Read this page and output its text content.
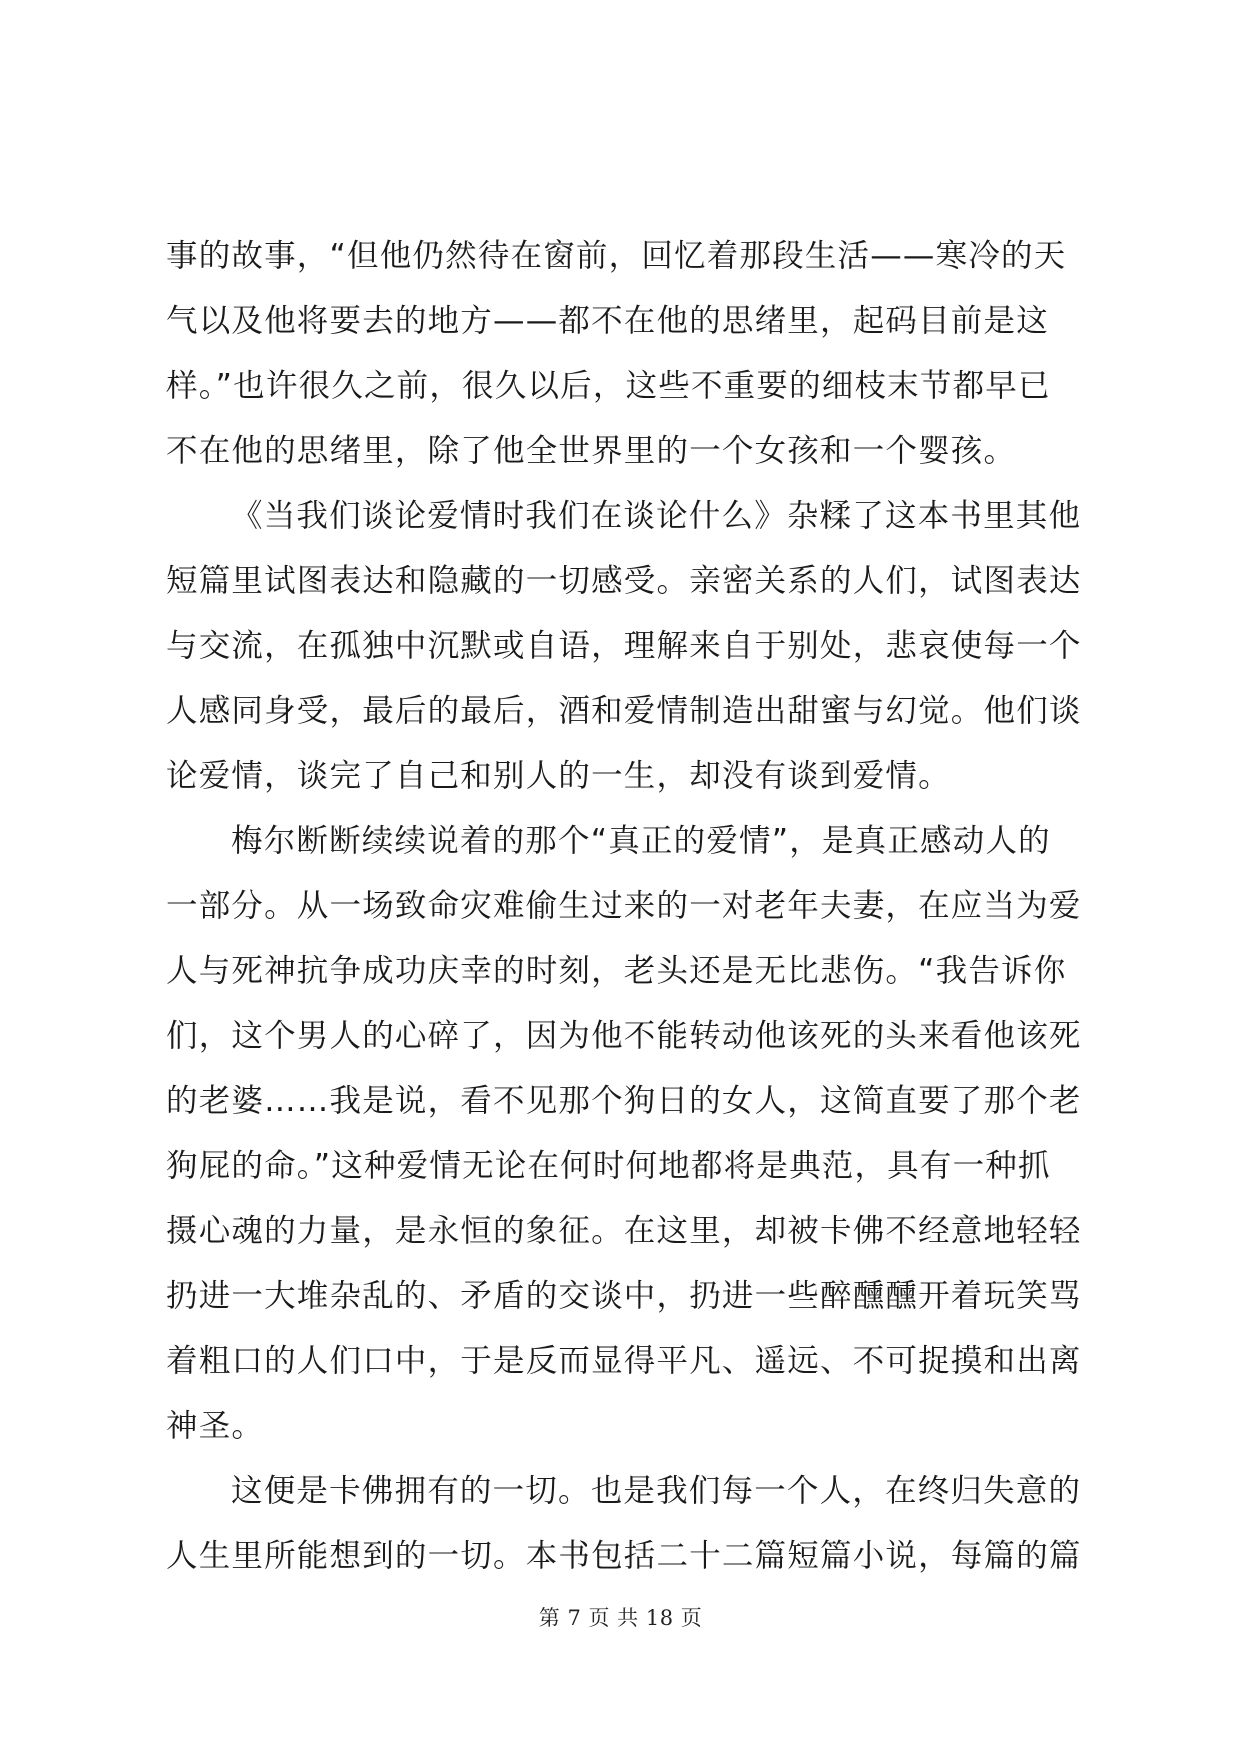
事的故事，“但他仍然待在窗前，回忆着那段生活——寒冷的天
气以及他将要去的地方——都不在他的思绪里，起码目前是这
样。”也许很久之前，很久以后，这些不重要的细枝末节都早已
不在他的思绪里，除了他全世界里的一个女孩和一个婴孩。
《当我们谈论爱情时我们在谈论什么》杂糅了这本书里其他
短篇里试图表达和隐藏的一切感受。亲密关系的人们，试图表达
与交流，在孤独中沉默或自语，理解来自于别处，悲哀使每一个
人感同身受，最后的最后，酒和爱情制造出甜蜜与幻觉。他们谈
论爱情，谈完了自己和别人的一生，却没有谈到爱情。
梅尔断断续续说着的那个“真正的爱情”，是真正感动人的
一部分。从一场致命灾难偷生过来的一对老年夫妻，在应当为爱
人与死神抗争成功庆幸的时刻，老头还是无比悲伤。“我告诉你
们，这个男人的心碎了，因为他不能转动他该死的头来看他该死
的老婆……我是说，看不见那个狗日的女人，这简直要了那个老
狗屁的命。”这种爱情无论在何时何地都将是典范，具有一种抓
摄心魂的力量，是永恒的象征。在这里，却被卡佛不经意地轻轻
扔进一大堆杂乱的、矛盾的交谈中，扔进一些醉醺醺开着玩笑骂
着粗口的人们口中，于是反而显得平凡、遥远、不可捉摸和出离
神圣。
这便是卡佛拥有的一切。也是我们每一个人，在终归失意的
人生里所能想到的一切。本书包括二十二篇短篇小说，每篇的篇
第 7 页 共 18 页
